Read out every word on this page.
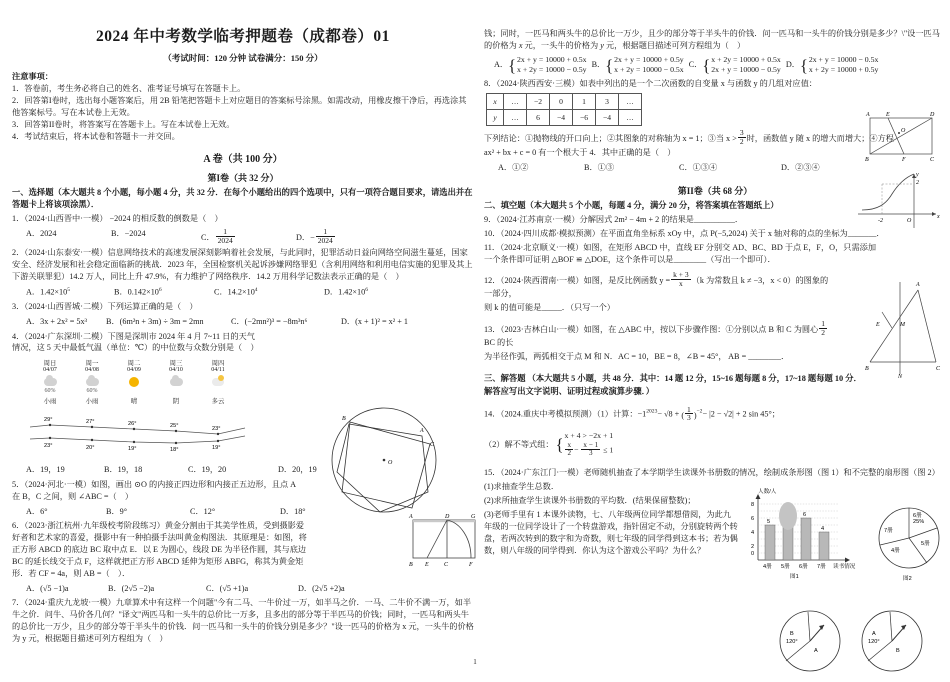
2024 年中考数学临考押题卷（成都卷）01
（考试时间：120 分钟 试卷满分：150 分）
注意事项：

1．答卷前，考生务必将自己的姓名、准考证号填写在答题卡上。

2．回答第I卷时，选出每小题答案后，用 2B 铅笔把答题卡上对应题目的答案标号涂黑。如需改动，用橡皮擦干净后，再选涂其他答案标号。写在本试卷上无效。

3．回答第II卷时，将答案写在答题卡上。写在本试卷上无效。

4．考试结束后，将本试卷和答题卡一并交回。

A 卷（共 100 分）
第I卷（共 32 分）
一、选择题（本大题共 8 个小题，每小题 4 分，共 32 分．在每个小题给出的四个选项中，只有一项符合题目要求，请选出并在答题卡上将该项涂黑）．
1．（2024·山西晋中·一模） −2024 的相反数的倒数是（　）
A．2024	B．−2024	C． $\frac{1}{2024}$	D．− $\frac{1}{2024}$
2．（2024·山东泰安·一模）信息网络技术的高速发展深刻影响着社会发展，与此同时，犯罪活动日益向网络空间滋生蔓延，国家安全、经济发展和社会稳定面临新的挑战．2023 年，全国检察机关起诉涉嫌网络罪犯（含利用网络和利用电信实施的犯罪及其上下游关联罪犯）14.2 万人，同比上升 47.9%，有力维护了网络秩序．14.2 万用科学记数法表示正确的是（　）
A．$1.42\times 10^5$	B．$0.142\times 10^6$	C．$14.2\times 10^4$	D．$1.42\times 10^6$
3．（2024·山西晋城·二模）下列运算正确的是（　）
A．3x + 2x² = 5x³	B．(6m²n + 3m) ÷ 3m = 2mn	C．(−2mn²)³ = −8m³n⁶	D．(x + 1)² = x² + 1
4．（2024·广东深圳·二模）下图是深圳市 2024 年 4 月 7~11 日的天气情况，这 5 天中最低气温（单位：℃）的中位数与众数分别是（　）
周日
04/07
60%
小雨
周一
04/08
60%
小雨
周二
04/09
晴
周三
04/10
阴
周四
04/11
多云
29°	27°	26°	25°	23°
23°	20°	19°	18°	19°
A．19，19	B．19，18	C．19，20	D．20，19
5．（2024·河北·一模）如图，画出 ⊙O 的内接正四边形和内接正五边形，且点 A 在 B，C 之间，则 ∠ABC =（　）
A．6°	B．9°	C．12°	D．18°
6．（2023·浙江杭州·九年级校考阶段练习）黄金分割由于其美学性质，受到摄影爱好者和艺术家的喜爱，摄影中有一种拍摄手法叫黄金构图法．其原理是：如图，将正方形 ABCD 的底边 BC 取中点 E．以 E 为圆心，线段 DE 为半径作圆，其与底边 BC 的延长线交于点 F，这样就把正方形 ABCD 延伸为矩形 ABFG，称其为黄金矩形．若 CF = 4a，则 AB =（　）．
A．(√5 −1)a	B．(2√5 −2)a	C．(√5 +1)a	D．(2√5 +2)a
7．（2024·重庆九龙坡·一模）九章算术中有这样一个问题"今有二马、一牛价过一万，如半马之价．一马、二牛价不满一万，如半牛之价．问牛、马价各几何？"译文"两匹马和一头牛的总价比一万多，且多出的部分等于半匹马的价钱；同时，一匹马和两头牛的总价比一万少，且少的部分等于半头牛的价钱．问一匹马和一头牛的价钱分别是多少？"设一匹马的价格为 x 元，一头牛的价格为 y 元，根据题目描述可列方程组为（　）
A
B
C
O
A	D	G
B E	C	F
钱；同时，一匹马和两头牛的总价比一万少，且少的部分等于半头牛的价钱．问一匹马和一头牛的价钱分别是多少？\"设一匹马的价格为 x 元，一头牛的价格为 y 元，根据题目描述可列方程组为（　）
A． { 2x + y = 10000 + 0.5x
x + 2y = 10000 − 0.5y
B． { 2x + y = 10000 + 0.5y
x + 2y = 10000 − 0.5x
C． { x + 2y = 10000 + 0.5x
2x + y = 10000 − 0.5y
D． { 2x + y = 10000 − 0.5x
x + 2y = 10000 + 0.5y
8．（2024·陕西西安·三模）如表中列出的是一个二次函数的自变量 x 与函数 y 的几组对应值：
x	…	−2	0	1	3	…
y	…	6	−4	−6	−4	…
下列结论：①抛物线的开口向上；②其图象的对称轴为 x = 1；③当 $x > \frac{3}{2}$ 时，函数值 y 随 x 的增大而增大；④方程
ax² + bx + c = 0 有一个根大于 4．其中正确的是（　）
A．①②	B．①③	C．①③④	D．②③④
第II卷（共 68 分）
二、填空题（本大题共 5 个小题，每题 4 分，满分 20 分，将答案填在答题纸上）
9．（2024·江苏南京·一模）分解因式 2m² − 4m + 2 的结果是__________．
10．（2024·四川成都·模拟预测）在平面直角坐标系 xOy 中，点 P(−5,2024) 关于 x 轴对称的点的坐标为_______．
11．（2024·北京顺义·一模）如图，在矩形 ABCD 中，直线 EF 分别交 AD、BC、BD 于点 E，F，O，只需添加一个条件即可证明 △BOF ≌ △DOE，这个条件可以是________（写出一个即可）．
12．（2024·陕西渭南·一模）如图，是反比例函数 $y = \frac{k + 3}{x} (k$ 为常数且 k ≠ −3，x < 0）的图象的一部分，
则 k 的值可能是_____．（只写一个）
13．（2023·吉林白山·一模）如图，在 △ABC 中，按以下步骤作图：①分别以点 B 和 C 为圆心 $\frac{1}{2}$
BC 的长
为半径作弧，两弧相交于点 M 和 N．AC = 10，BE = 8，∠B = 45°， AB = ________．
三、解答题 （本大题共 5 小题，共 48 分．其中：14 题 12 分，15~16 题每题 8 分，17~18 题每题 10 分．
解答应写出文字说明、证明过程或演算步骤．）
14．（2024.重庆中考模拟预测）（1）计算：$-1^{2023}- √8$ + ( $\frac{1}{3} )^{-2}- |2 - √2| + 2$ sin 45°；
（2）解不等式组： { x + 4 > −2x + 1
$\frac{x}{2} - \frac{x - 1}{3} \le 1$
15．（2024·广东江门·一模）老师随机抽查了本学期学生读课外书册数的情况，绘制成条形图（图 1）和不完整的扇形图（图 2）
(1)求抽查学生总数．
(2)求所抽查学生读课外书册数的平均数．(结果保留整数)；
(3)老师手里有 1 本课外读物，七、八年级两位同学都想借阅，为此九年级的一位同学设计了一个转盘游戏，指针固定不动，分别旋转两个转盘，若两次转到的数字和为奇数，则七年级的同学得到这本书；若为偶数，则八年级的同学得到．你认为这个游戏公平吗？为什么？
A	E	D
O
B	F	C
2
-2	O
x
y
A
E	M
B	C
N
人数/人
0
2
4
6
8
5
6
4
4册 5册 6册 7册 读书情况
图1
6册
25%
7册
4册
5册
图2
B
120°
A
A
120°
B
1
